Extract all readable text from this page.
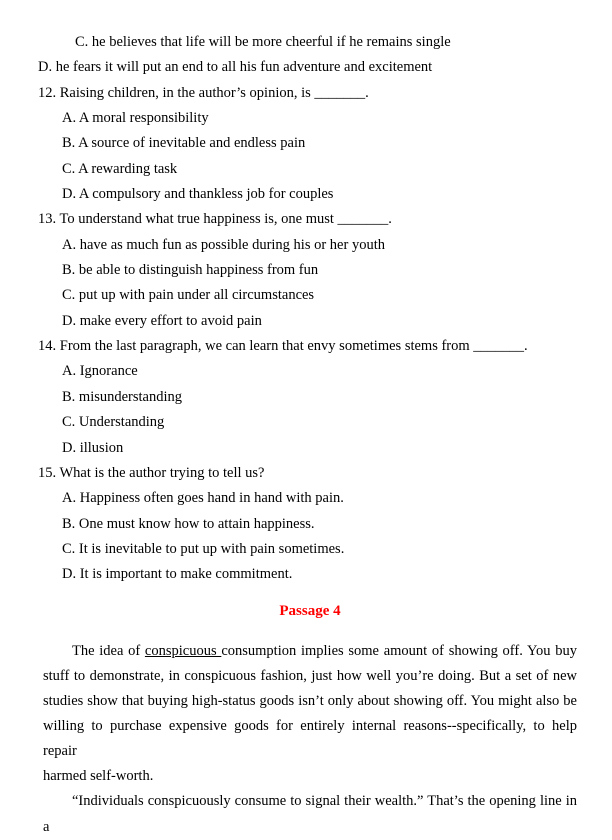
C. he believes that life will be more cheerful if he remains single
D. he fears it will put an end to all his fun adventure and excitement
12. Raising children, in the author’s opinion, is _______.
A. A moral responsibility
B. A source of inevitable and endless pain
C. A rewarding task
D. A compulsory and thankless job for couples
13. To understand what true happiness is, one must _______.
A. have as much fun as possible during his or her youth
B. be able to distinguish happiness from fun
C. put up with pain under all circumstances
D. make every effort to avoid pain
14. From the last paragraph, we can learn that envy sometimes stems from _______.
A. Ignorance
B. misunderstanding
C. Understanding
D. illusion
15. What is the author trying to tell us?
A. Happiness often goes hand in hand with pain.
B. One must know how to attain happiness.
C. It is inevitable to put up with pain sometimes.
D. It is important to make commitment.
Passage 4
The idea of conspicuous consumption implies some amount of showing off. You buy
stuff to demonstrate, in conspicuous fashion, just how well you’re doing. But a set of new
studies show that buying high-status goods isn’t only about showing off. You might also be
willing to purchase expensive goods for entirely internal reasons--specifically, to help repair
harmed self-worth.
“Individuals conspicuously consume to signal their wealth.” That’s the opening line in a
